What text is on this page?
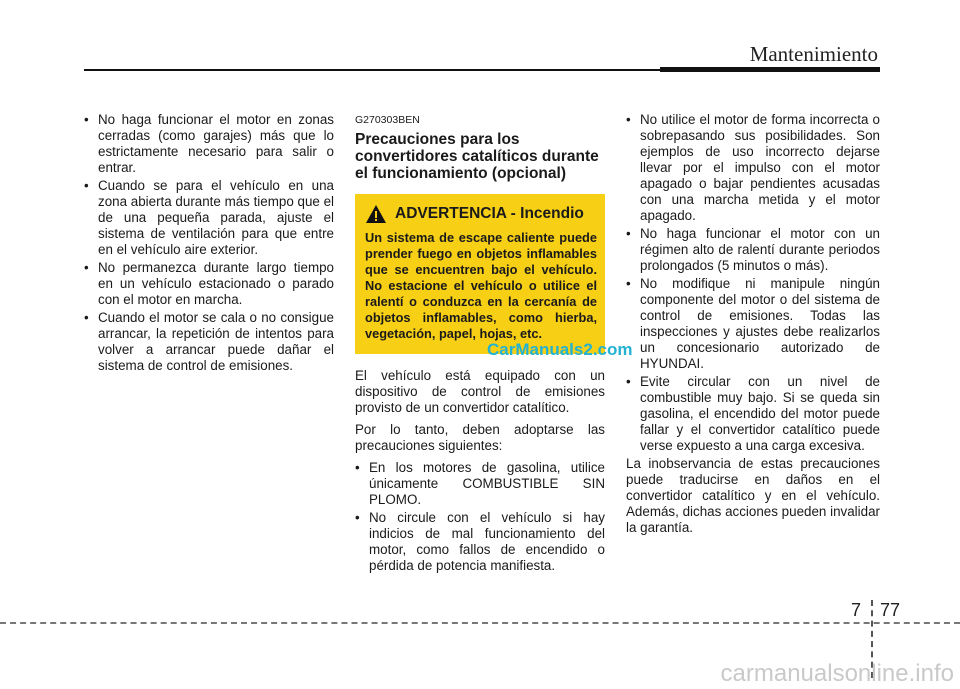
Mantenimiento
• No haga funcionar el motor en zonas cerradas (como garajes) más que lo estrictamente necesario para salir o entrar.
• Cuando se para el vehículo en una zona abierta durante más tiempo que el de una pequeña parada, ajuste el sistema de ventilación para que entre en el vehículo aire exterior.
• No permanezca durante largo tiempo en un vehículo estacionado o parado con el motor en marcha.
• Cuando el motor se cala o no consigue arrancar, la repetición de intentos para volver a arrancar puede dañar el sistema de control de emisiones.
G270303BEN
Precauciones para los convertidores catalíticos durante el funcionamiento (opcional)
ADVERTENCIA - Incendio
Un sistema de escape caliente puede prender fuego en objetos inflamables que se encuentren bajo el vehículo. No estacione el vehículo o utilice el ralentí o conduzca en la cercanía de objetos inflamables, como hierba, vegetación, papel, hojas, etc.

El vehículo está equipado con un dispositivo de control de emisiones provisto de un convertidor catalítico.

Por lo tanto, deben adoptarse las precauciones siguientes:

• En los motores de gasolina, utilice únicamente COMBUSTIBLE SIN PLOMO.
• No circule con el vehículo si hay indicios de mal funcionamiento del motor, como fallos de encendido o pérdida de potencia manifiesta.
• No utilice el motor de forma incorrecta o sobrepasando sus posibilidades. Son ejemplos de uso incorrecto dejarse llevar por el impulso con el motor apagado o bajar pendientes acusadas con una marcha metida y el motor apagado.
• No haga funcionar el motor con un régimen alto de ralentí durante periodos prolongados (5 minutos o más).
• No modifique ni manipule ningún componente del motor o del sistema de control de emisiones. Todas las inspecciones y ajustes debe realizarlos un concesionario autorizado de HYUNDAI.
• Evite circular con un nivel de combustible muy bajo. Si se queda sin gasolina, el encendido del motor puede fallar y el convertidor catalítico puede verse expuesto a una carga excesiva.

La inobservancia de estas precauciones puede traducirse en daños en el convertidor catalítico y en el vehículo. Además, dichas acciones pueden invalidar la garantía.

CarManuals2.com
7 77
carmanualsonline.info
